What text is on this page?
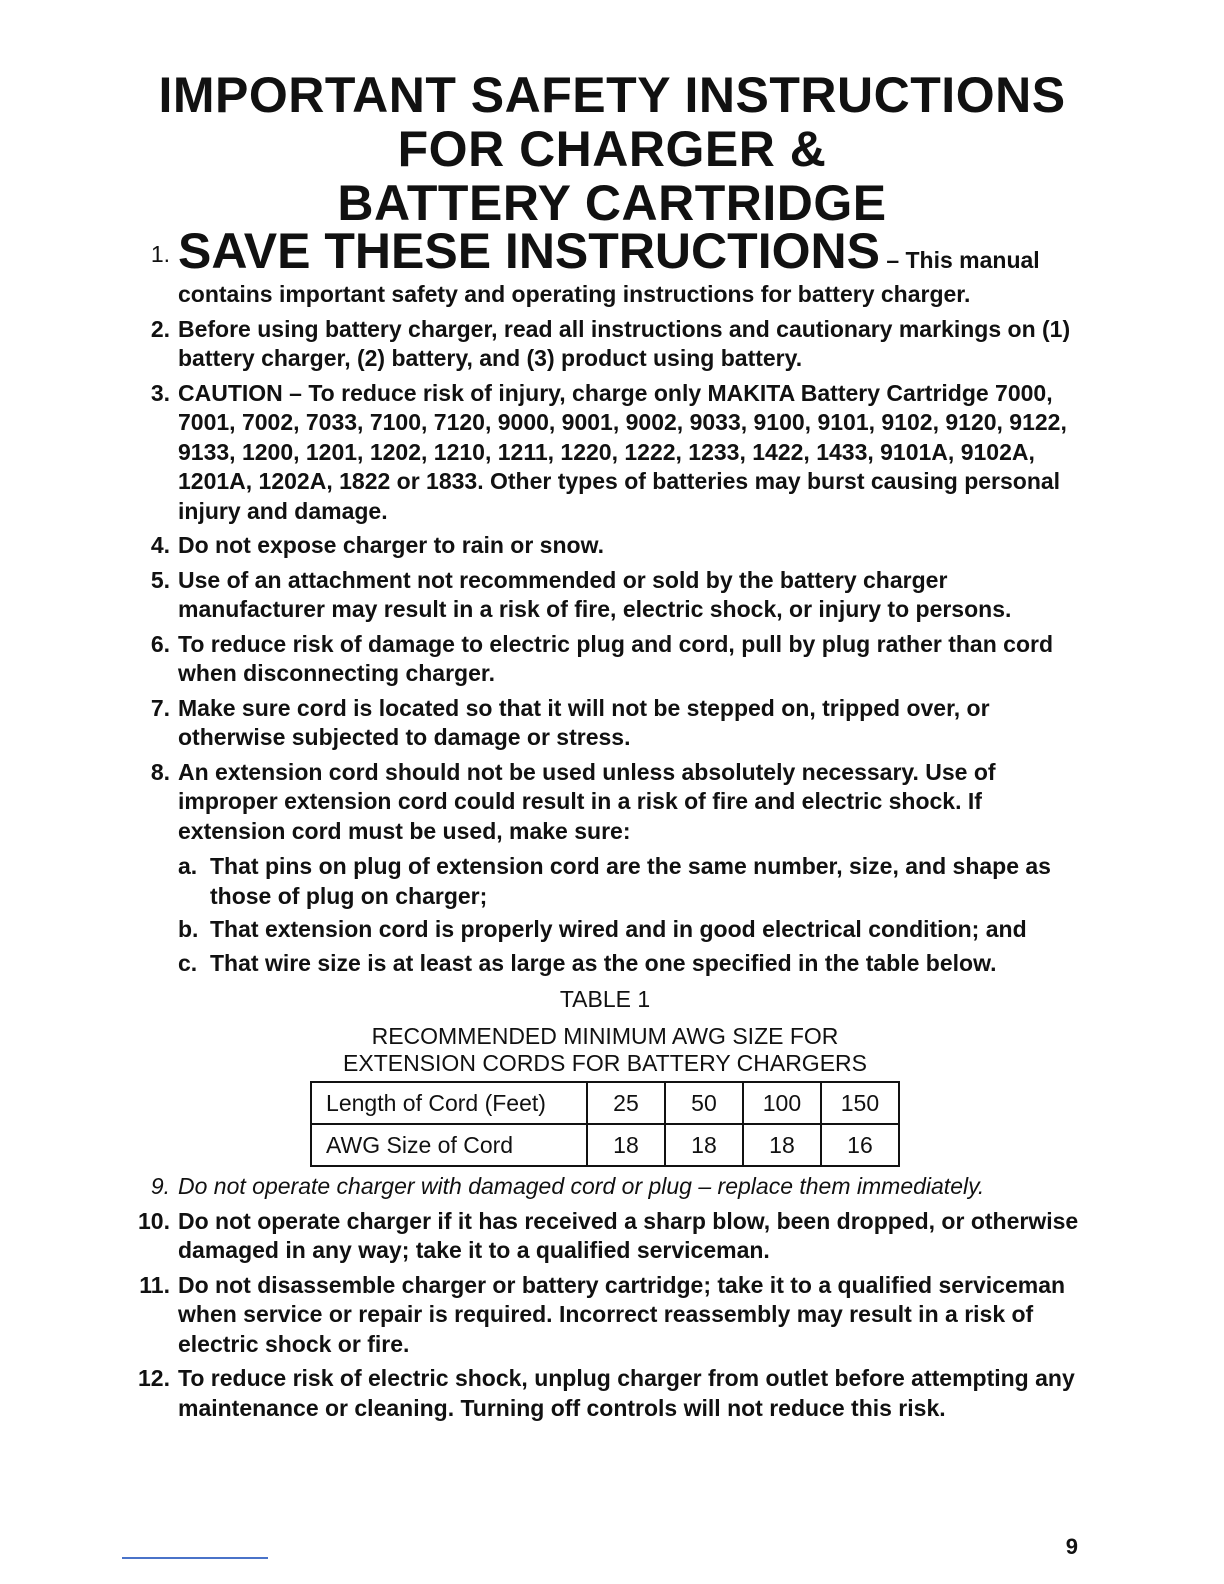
IMPORTANT SAFETY INSTRUCTIONS
FOR CHARGER &
BATTERY CARTRIDGE
1. SAVE THESE INSTRUCTIONS – This manual
contains important safety and operating instructions for battery charger.
2. Before using battery charger, read all instructions and cautionary markings on (1) battery charger, (2) battery, and (3) product using battery.
3. CAUTION – To reduce risk of injury, charge only MAKITA Battery Cartridge 7000, 7001, 7002, 7033, 7100, 7120, 9000, 9001, 9002, 9033, 9100, 9101, 9102, 9120, 9122, 9133, 1200, 1201, 1202, 1210, 1211, 1220, 1222, 1233, 1422, 1433, 9101A, 9102A, 1201A, 1202A, 1822 or 1833. Other types of batteries may burst causing personal injury and damage.
4. Do not expose charger to rain or snow.
5. Use of an attachment not recommended or sold by the battery charger manufacturer may result in a risk of fire, electric shock, or injury to persons.
6. To reduce risk of damage to electric plug and cord, pull by plug rather than cord when disconnecting charger.
7. Make sure cord is located so that it will not be stepped on, tripped over, or otherwise subjected to damage or stress.
8. An extension cord should not be used unless absolutely necessary. Use of improper extension cord could result in a risk of fire and electric shock. If extension cord must be used, make sure:
a. That pins on plug of extension cord are the same number, size, and shape as those of plug on charger;
b. That extension cord is properly wired and in good electrical condition; and
c. That wire size is at least as large as the one specified in the table below.
TABLE 1
RECOMMENDED MINIMUM AWG SIZE FOR
EXTENSION CORDS FOR BATTERY CHARGERS
Length of Cord (Feet)	25	50	100	150
AWG Size of Cord	18	18	18	16
9. Do not operate charger with damaged cord or plug – replace them immediately.
10. Do not operate charger if it has received a sharp blow, been dropped, or otherwise damaged in any way; take it to a qualified serviceman.
11. Do not disassemble charger or battery cartridge; take it to a qualified serviceman when service or repair is required. Incorrect reassembly may result in a risk of electric shock or fire.
12. To reduce risk of electric shock, unplug charger from outlet before attempting any maintenance or cleaning. Turning off controls will not reduce this risk.
9
